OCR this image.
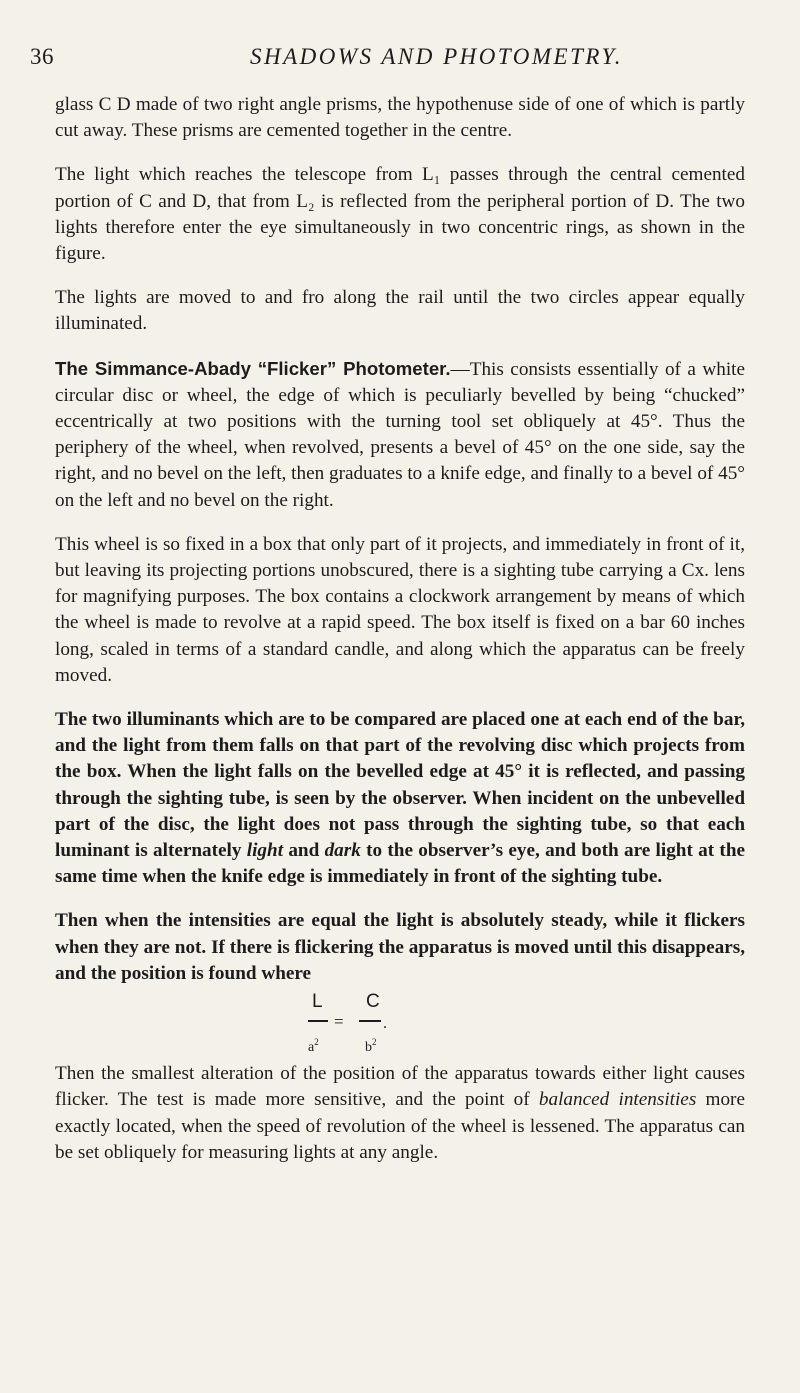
36	SHADOWS AND PHOTOMETRY.

glass C D made of two right angle prisms, the hypothenuse side of one of which is partly cut away. These prisms are cemented together in the centre.

The light which reaches the telescope from L₁ passes through the central cemented portion of C and D, that from L₂ is reflected from the peripheral portion of D. The two lights therefore enter the eye simultaneously in two concentric rings, as shown in the figure.

The lights are moved to and fro along the rail until the two circles appear equally illuminated.

The Simmance-Abady “Flicker” Photometer.—This consists essentially of a white circular disc or wheel, the edge of which is peculiarly bevelled by being “chucked” eccentrically at two positions with the turning tool set obliquely at 45°. Thus the periphery of the wheel, when revolved, presents a bevel of 45° on the one side, say the right, and no bevel on the left, then graduates to a knife edge, and finally to a bevel of 45° on the left and no bevel on the right.

This wheel is so fixed in a box that only part of it projects, and immediately in front of it, but leaving its projecting portions unobscured, there is a sighting tube carrying a Cx. lens for magnifying purposes. The box contains a clockwork arrangement by means of which the wheel is made to revolve at a rapid speed. The box itself is fixed on a bar 60 inches long, scaled in terms of a standard candle, and along which the apparatus can be freely moved.

The two illuminants which are to be compared are placed one at each end of the bar, and the light from them falls on that part of the revolving disc which projects from the box. When the light falls on the bevelled edge at 45° it is reflected, and passing through the sighting tube, is seen by the observer. When incident on the unbevelled part of the disc, the light does not pass through the sighting tube, so that each luminant is alternately light and dark to the observer’s eye, and both are light at the same time when the knife edge is immediately in front of the sighting tube.

Then when the intensities are equal the light is absolutely steady, while it flickers when they are not. If there is flickering the apparatus is moved until this disappears, and the position is found where

L C
=
$a^2$	$b^2$
.

Then the smallest alteration of the position of the apparatus towards either light causes flicker. The test is made more sensitive, and the point of balanced intensities more exactly located, when the speed of revolution of the wheel is lessened. The apparatus can be set obliquely for measuring lights at any angle.
